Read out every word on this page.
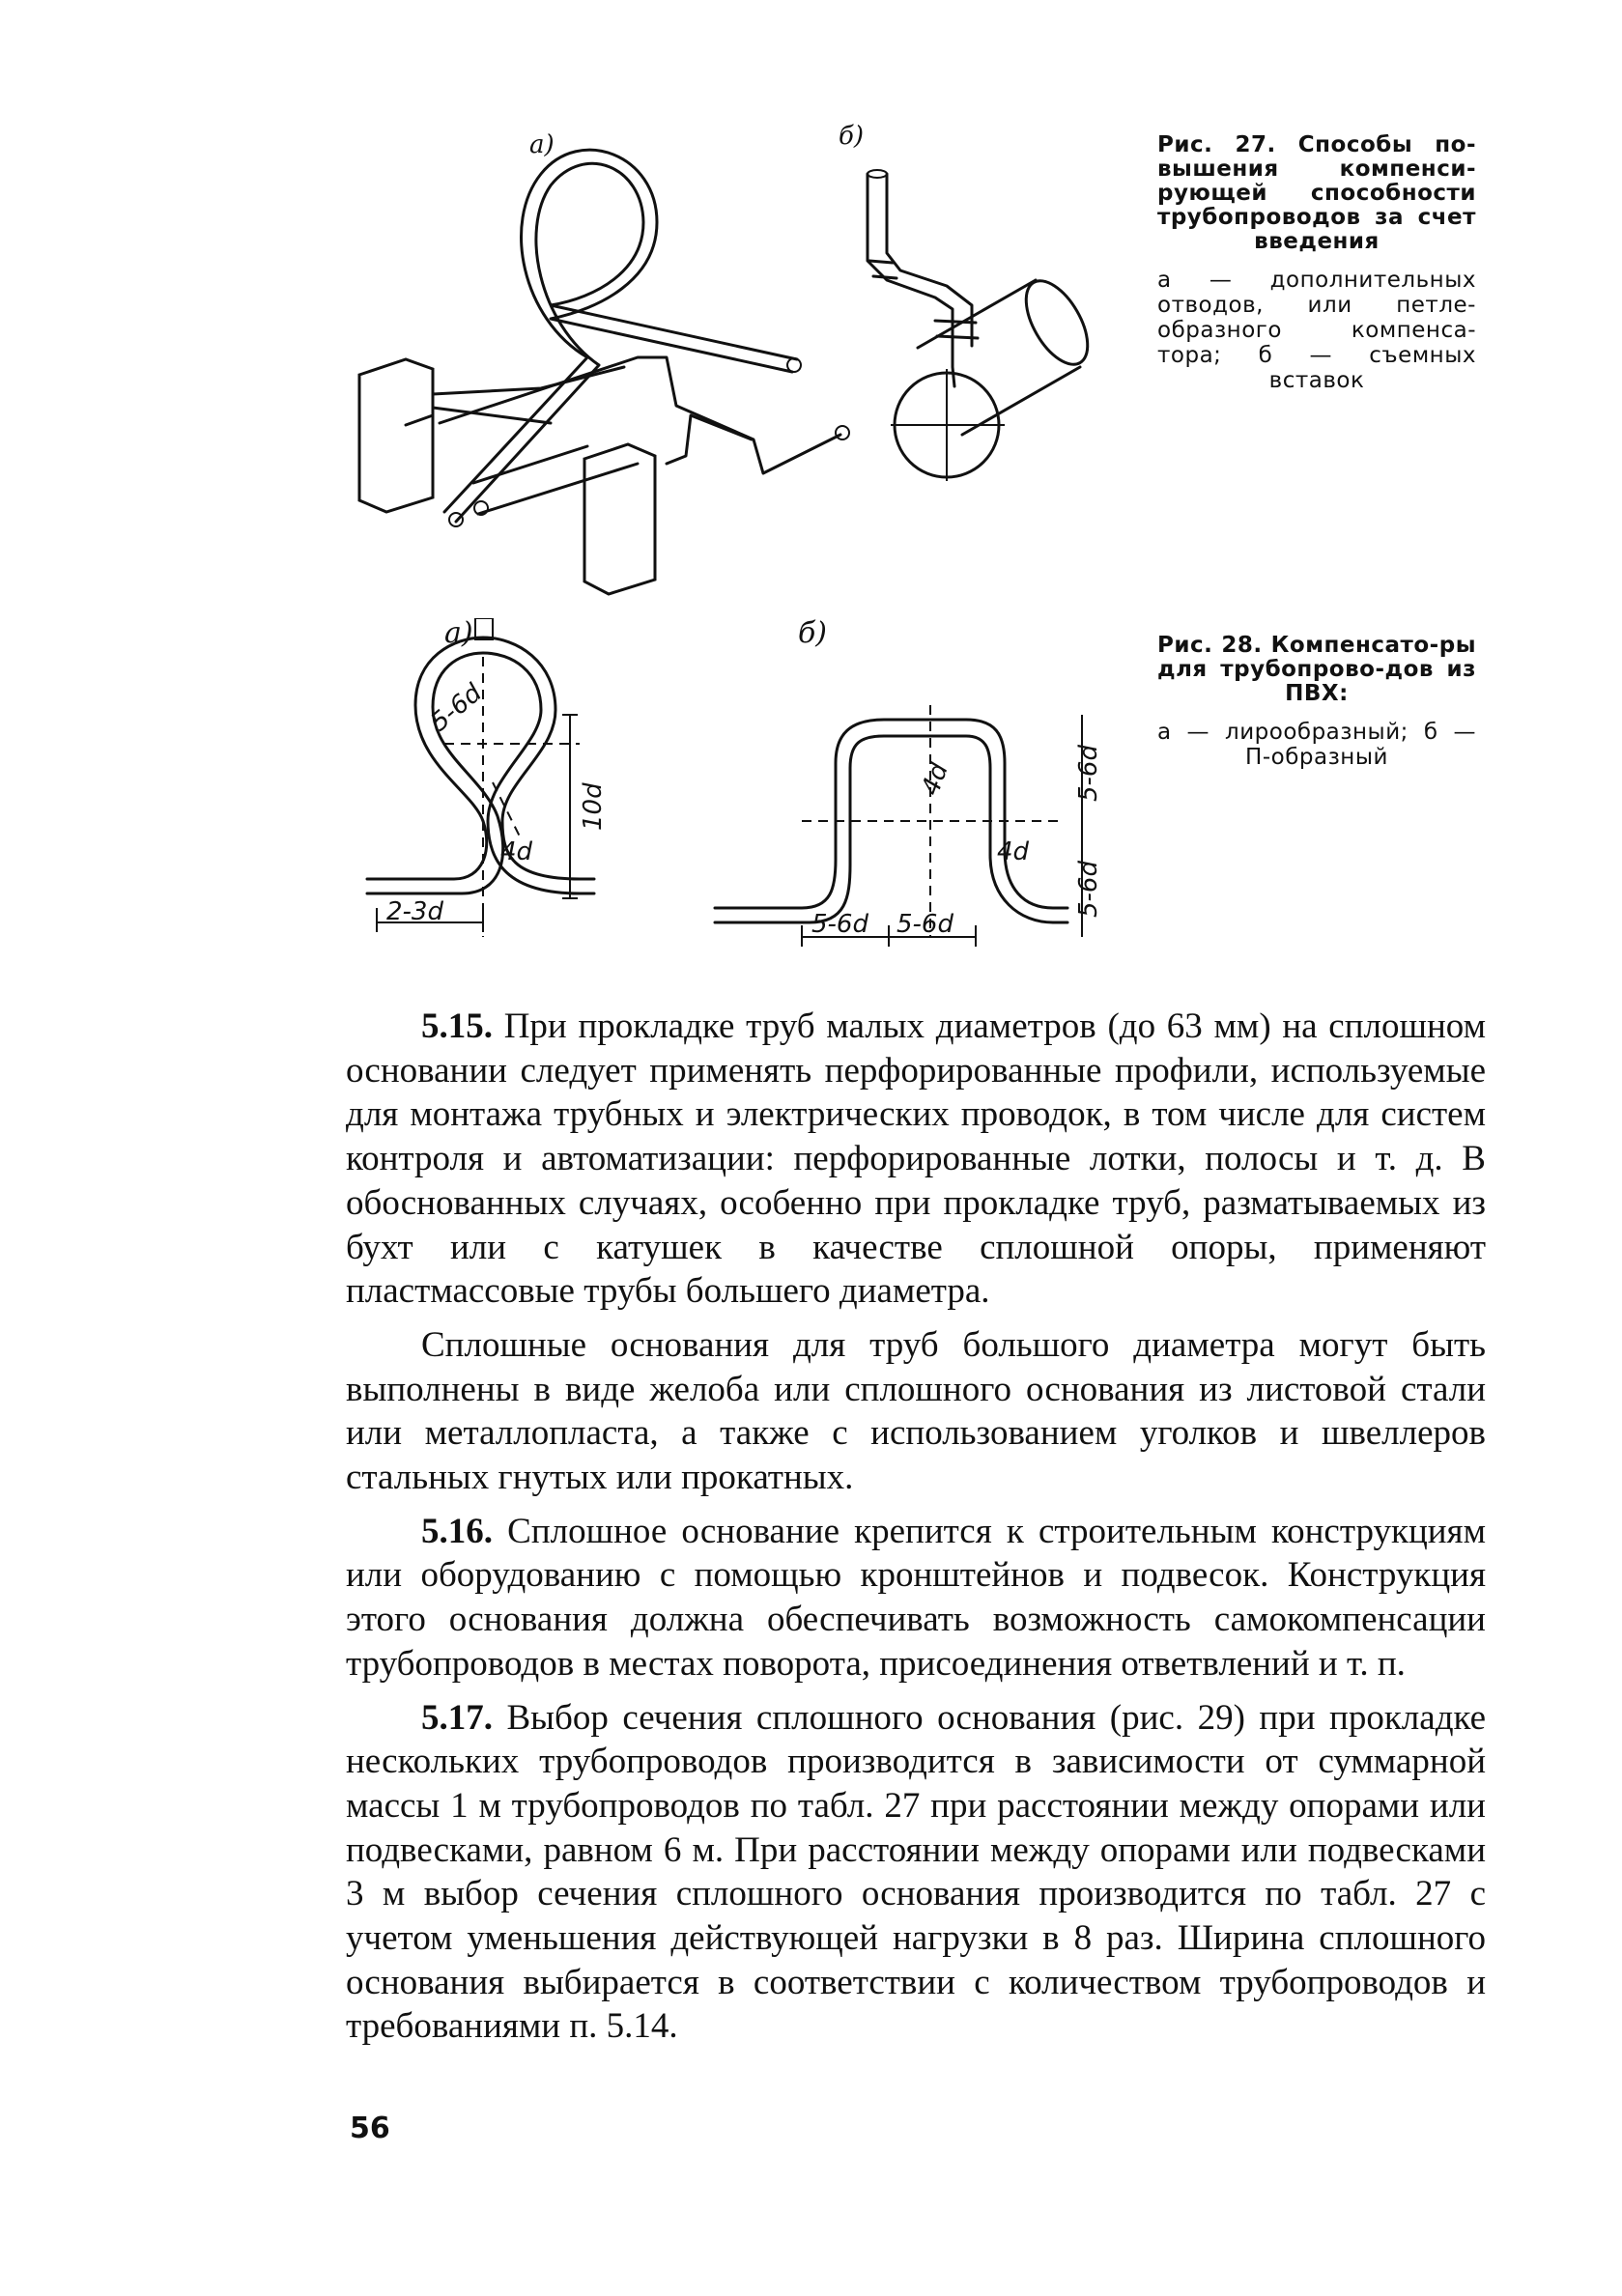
а)	б)	Рис. 27. Способы по-вышения компенси-рующей способности трубопроводов за счет введения
а — дополнительных отводов, или петле-образного компенса-тора; б — съемных вставок
5-6d
4d
10d
2-3d
4d
4d
5-6d
5-6d
5-6d 5-6d
а)	б)	Рис. 28. Компенсато-ры для трубопрово-дов из ПВХ:
а — лирообразный; б — П-образный

5.15. При прокладке труб малых диаметров (до 63 мм) на сплошном основании следует применять перфорированные профили, используемые для монтажа трубных и электрических проводок, в том числе для систем контроля и автоматизации: перфорированные лотки, полосы и т. д. В обоснованных случаях, особенно при прокладке труб, разматываемых из бухт или с катушек в качестве сплошной опоры, применяют пластмассовые трубы большего диаметра.

Сплошные основания для труб большого диаметра могут быть выполнены в виде желоба или сплошного основания из листовой стали или металлопласта, а также с использованием уголков и швеллеров стальных гнутых или прокатных.

5.16. Сплошное основание крепится к строительным конструкциям или оборудованию с помощью кронштейнов и подвесок. Конструкция этого основания должна обеспечивать возможность самокомпенсации трубопроводов в местах поворота, присоединения ответвлений и т. п.

5.17. Выбор сечения сплошного основания (рис. 29) при прокладке нескольких трубопроводов производится в зависимости от суммарной массы 1 м трубопроводов по табл. 27 при расстоянии между опорами или подвесками, равном 6 м. При расстоянии между опорами или подвесками 3 м выбор сечения сплошного основания производится по табл. 27 с учетом уменьшения действующей нагрузки в 8 раз. Ширина сплошного основания выбирается в соответствии с количеством трубопроводов и требованиями п. 5.14.

56
